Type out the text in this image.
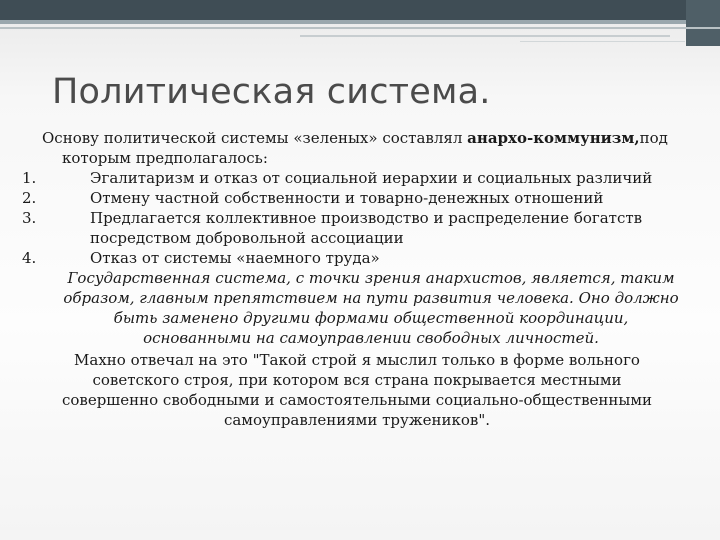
Политическая система.

Основу политической системы «зеленых» составлял анархо-коммунизм,под которым предполагалось:

1.	Эгалитаризм и отказ от социальной иерархии и социальных различий

2.	Отмену частной собственности и товарно-денежных отношений

3.	Предлагается коллективное производство и распределение богатств посредством добровольной ассоциации

4.	Отказ от системы «наемного труда»

Государственная система, с точки зрения анархистов, является, таким образом, главным препятствием на пути развития человека. Оно должно быть заменено другими формами общественной координации, основанными на самоуправлении свободных личностей.

Махно отвечал на это "Такой строй я мыслил только в форме вольного советского строя, при котором вся страна покрывается местными совершенно свободными и самостоятельными социально-общественными самоуправлениями тружеников".
